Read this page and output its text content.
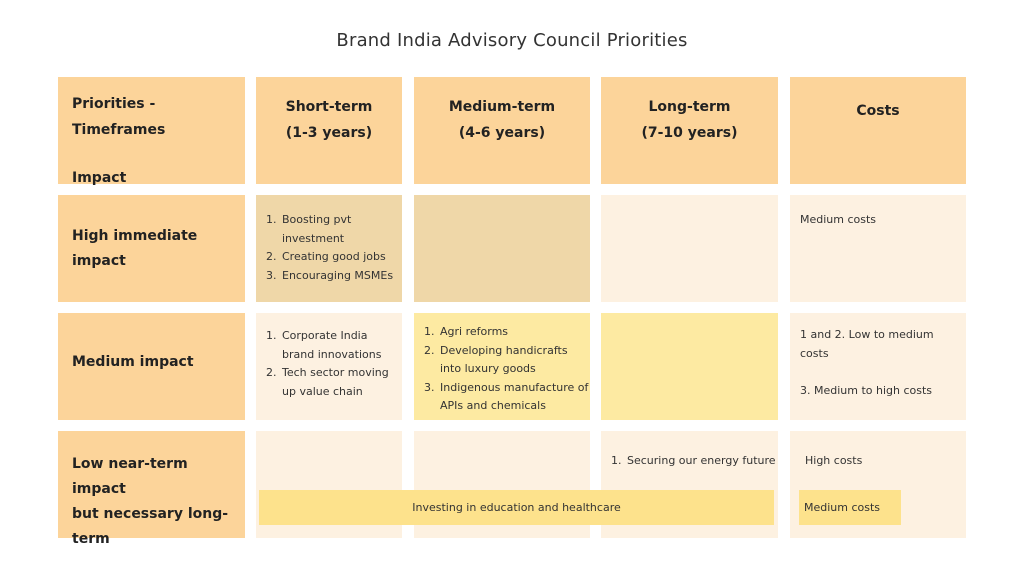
Brand India Advisory Council Priorities
Priorities - Timeframes
Impact
Short-term
(1-3 years)
Medium-term
(4-6 years)
Long-term
(7-10 years)
Costs
High immediate
impact
1. Boosting pvt investment
2. Creating good jobs
3. Encouraging MSMEs
Medium costs
Medium impact
1. Corporate India brand innovations
2. Tech sector moving up value chain
1. Agri reforms
2. Developing handicrafts into luxury goods
3. Indigenous manufacture of APIs and chemicals
1 and 2. Low to medium costs
3. Medium to high costs
Low near-term impact
but necessary long-
term
1. Securing our energy future	High costs
Investing in education and healthcare	Medium costs
